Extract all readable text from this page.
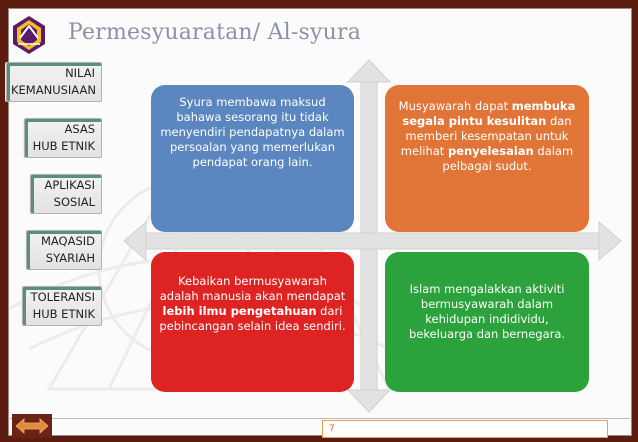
Permesyuaratan/ Al-syura
NILAI
KEMANUSIAAN
ASAS
HUB ETNIK
APLIKASI
SOSIAL
MAQASID
SYARIAH
TOLERANSI
HUB ETNIK

Syura membawa maksud bahawa sesorang itu tidak menyendiri pendapatnya dalam persoalan yang memerlukan pendapat orang lain.

Musyawarah dapat membuka segala pintu kesulitan dan memberi kesempatan untuk melihat penyelesaian dalam pelbagai sudut.

Kebaikan bermusyawarah adalah manusia akan mendapat lebih ilmu pengetahuan dari pebincangan selain idea sendiri.

Islam mengalakkan aktiviti bermusyawarah dalam kehidupan indidividu, bekeluarga dan bernegara.

7
